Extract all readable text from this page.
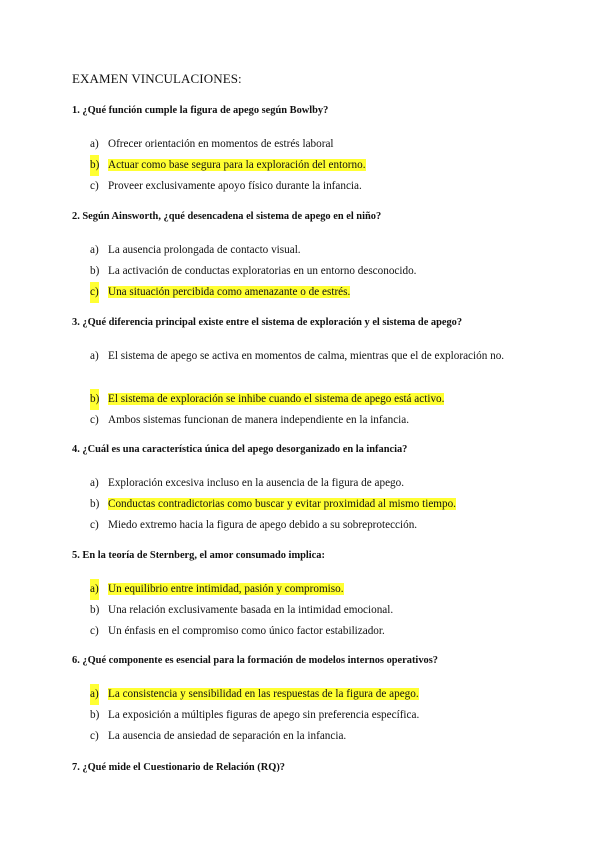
EXAMEN VINCULACIONES:

1. ¿Qué función cumple la figura de apego según Bowlby?

a) Ofrecer orientación en momentos de estrés laboral
b) Actuar como base segura para la exploración del entorno.
c) Proveer exclusivamente apoyo físico durante la infancia.

2. Según Ainsworth, ¿qué desencadena el sistema de apego en el niño?

a) La ausencia prolongada de contacto visual.
b) La activación de conductas exploratorias en un entorno desconocido.
c) Una situación percibida como amenazante o de estrés.

3. ¿Qué diferencia principal existe entre el sistema de exploración y el sistema de apego?

a) El sistema de apego se activa en momentos de calma, mientras que el de exploración no.
b) El sistema de exploración se inhibe cuando el sistema de apego está activo.
c) Ambos sistemas funcionan de manera independiente en la infancia.

4. ¿Cuál es una característica única del apego desorganizado en la infancia?

a) Exploración excesiva incluso en la ausencia de la figura de apego.
b) Conductas contradictorias como buscar y evitar proximidad al mismo tiempo.
c) Miedo extremo hacia la figura de apego debido a su sobreprotección.

5. En la teoría de Sternberg, el amor consumado implica:

a) Un equilibrio entre intimidad, pasión y compromiso.
b) Una relación exclusivamente basada en la intimidad emocional.
c) Un énfasis en el compromiso como único factor estabilizador.

6. ¿Qué componente es esencial para la formación de modelos internos operativos?

a) La consistencia y sensibilidad en las respuestas de la figura de apego.
b) La exposición a múltiples figuras de apego sin preferencia específica.
c) La ausencia de ansiedad de separación en la infancia.

7. ¿Qué mide el Cuestionario de Relación (RQ)?
